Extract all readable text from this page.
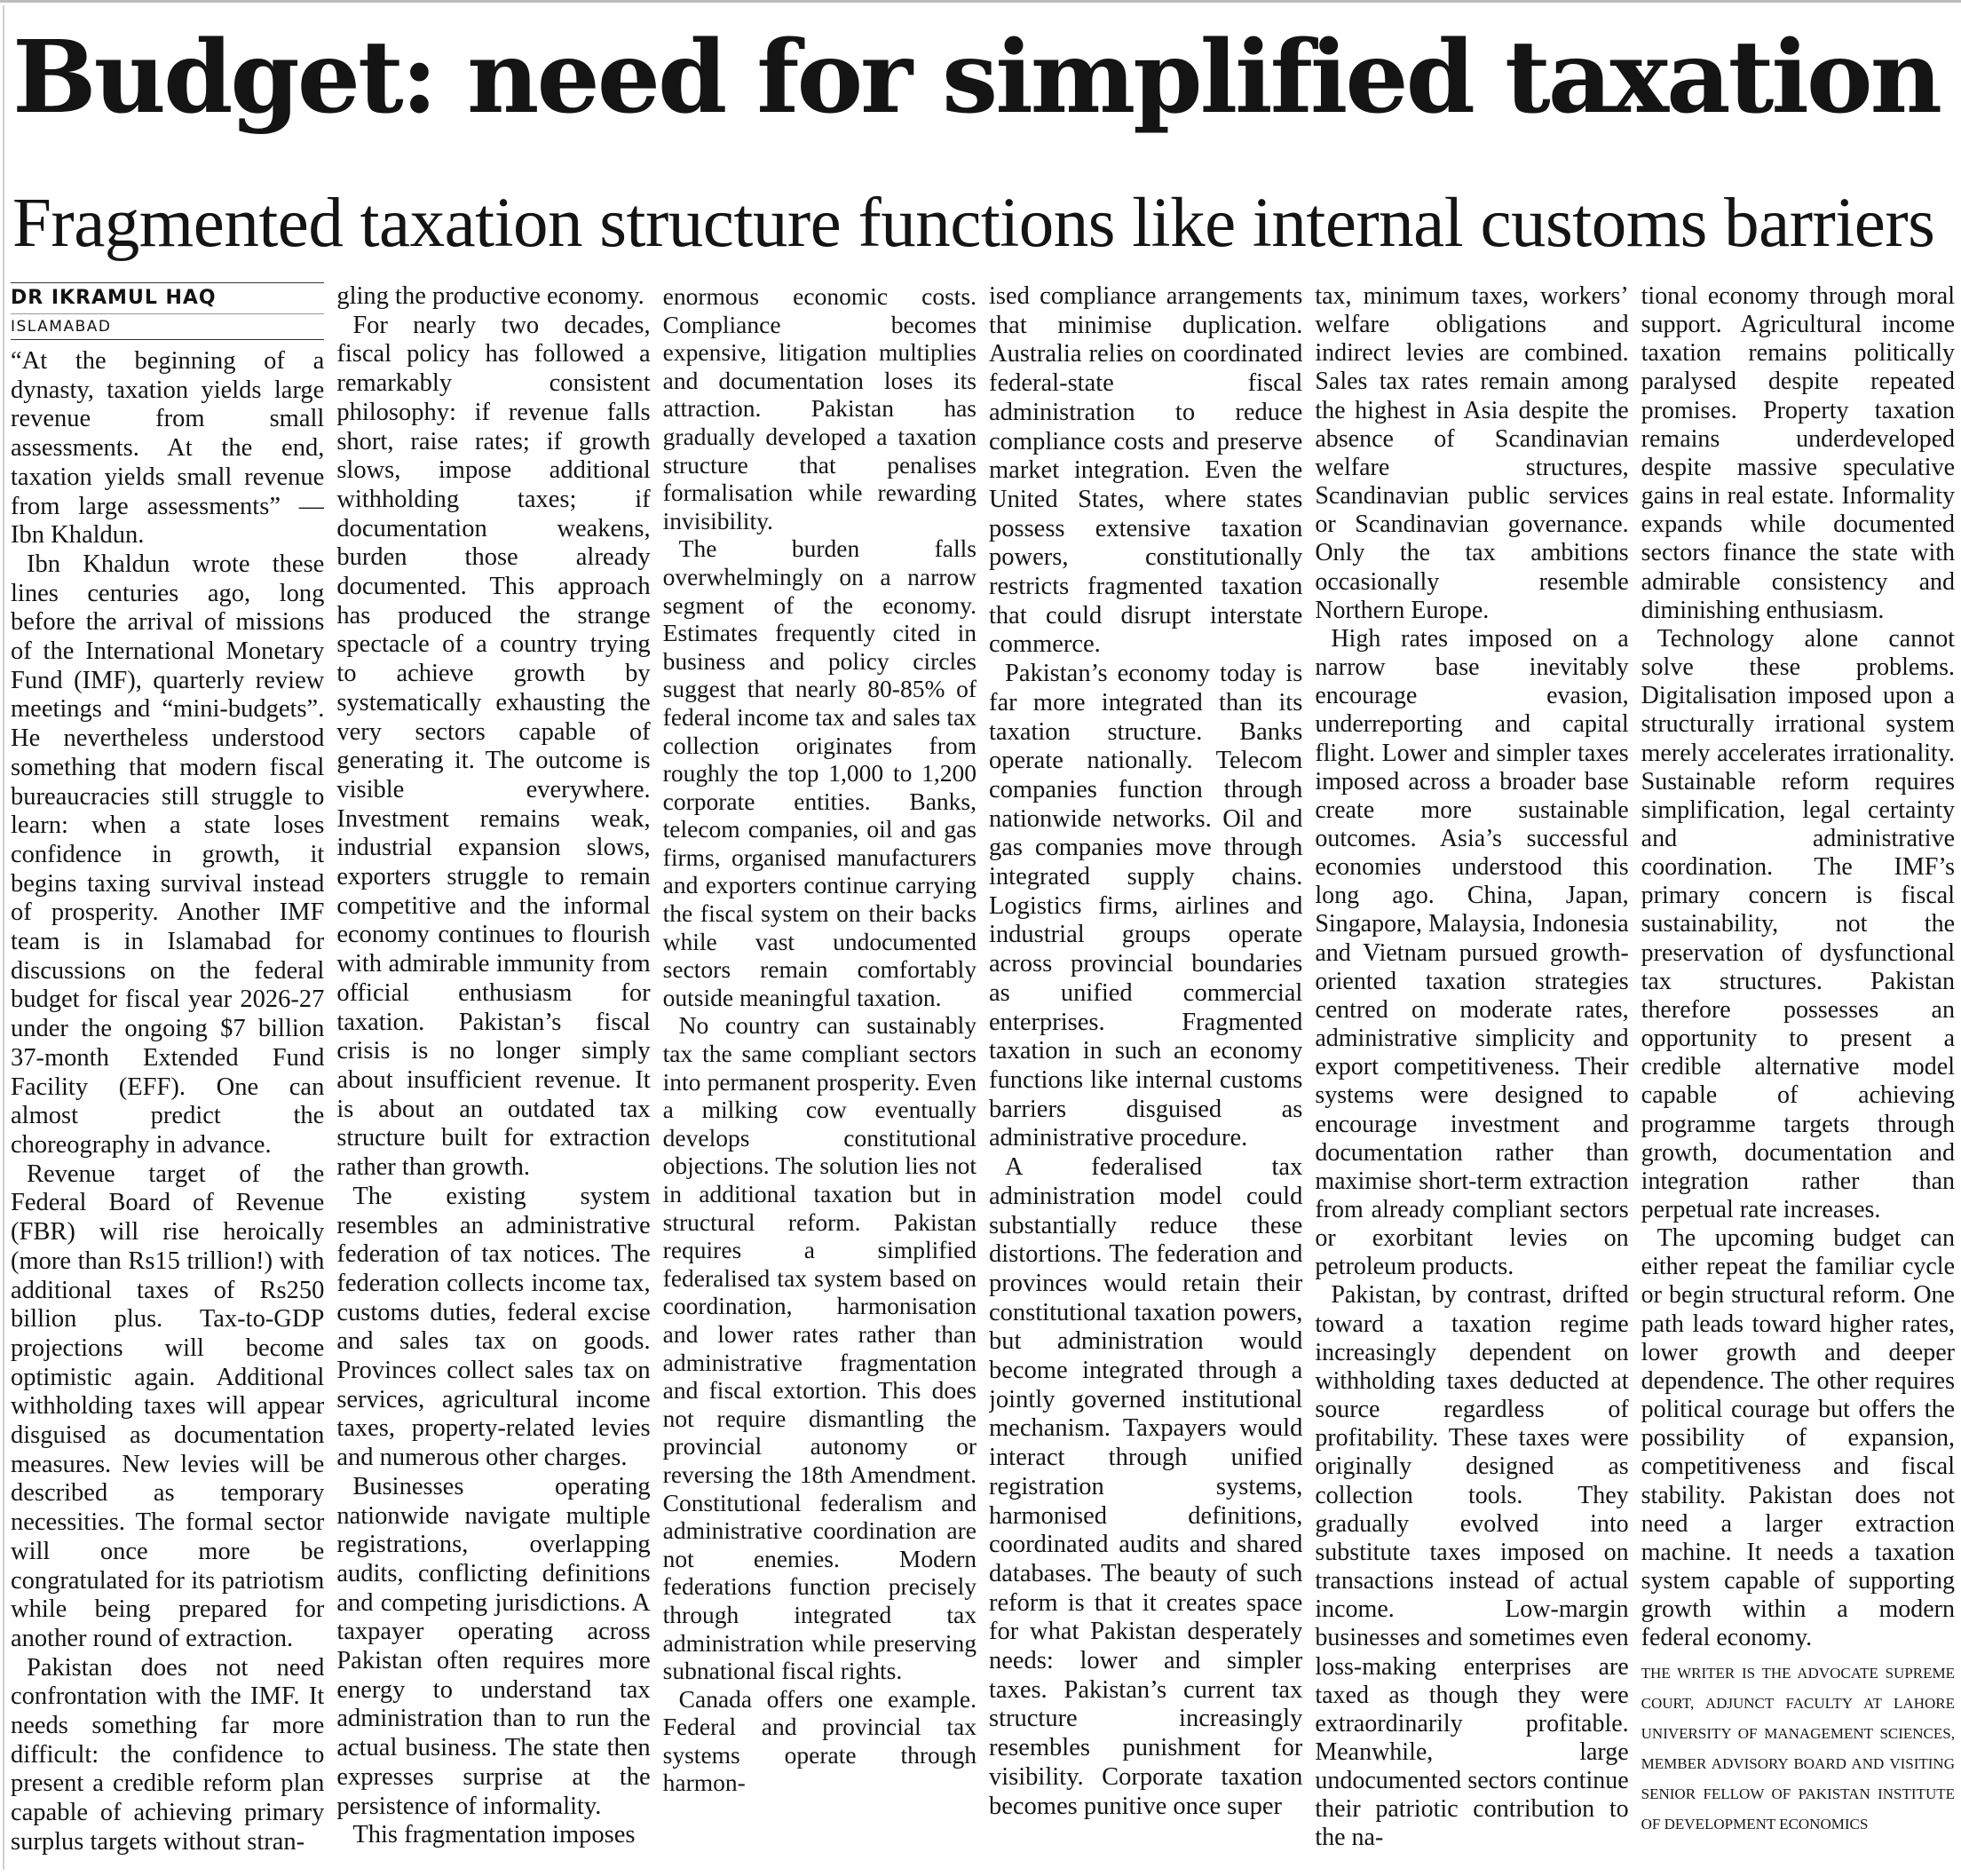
Budget: need for simplified taxation
Fragmented taxation structure functions like internal customs barriers
DR IKRAMUL HAQ
ISLAMABAD

“At the beginning of a dynasty, taxation yields large revenue from small assessments. At the end, taxation yields small revenue from large assessments” — Ibn Khaldun.

Ibn Khaldun wrote these lines centuries ago, long before the arrival of missions of the International Monetary Fund (IMF), quarterly review meetings and “mini-budgets”. He nevertheless understood something that modern fiscal bureaucracies still struggle to learn: when a state loses confidence in growth, it begins taxing survival instead of prosperity. Another IMF team is in Islamabad for discussions on the federal budget for fiscal year 2026-27 under the ongoing $7 billion 37-month Extended Fund Facility (EFF). One can almost predict the choreography in advance.

Revenue target of the Federal Board of Revenue (FBR) will rise heroically (more than Rs15 trillion!) with additional taxes of Rs250 billion plus. Tax-to-GDP projections will become optimistic again. Additional withholding taxes will appear disguised as documentation measures. New levies will be described as temporary necessities. The formal sector will once more be congratulated for its patriotism while being prepared for another round of extraction.

Pakistan does not need confrontation with the IMF. It needs something far more difficult: the confidence to present a credible reform plan capable of achieving primary surplus targets without stran-

gling the productive economy.

For nearly two decades, fiscal policy has followed a remarkably consistent philosophy: if revenue falls short, raise rates; if growth slows, impose additional withholding taxes; if documentation weakens, burden those already documented. This approach has produced the strange spectacle of a country trying to achieve growth by systematically exhausting the very sectors capable of generating it. The outcome is visible everywhere. Investment remains weak, industrial expansion slows, exporters struggle to remain competitive and the informal economy continues to flourish with admirable immunity from official enthusiasm for taxation. Pakistan’s fiscal crisis is no longer simply about insufficient revenue. It is about an outdated tax structure built for extraction rather than growth.

The existing system resembles an administrative federation of tax notices. The federation collects income tax, customs duties, federal excise and sales tax on goods. Provinces collect sales tax on services, agricultural income taxes, property-related levies and numerous other charges.

Businesses operating nationwide navigate multiple registrations, overlapping audits, conflicting definitions and competing jurisdictions. A taxpayer operating across Pakistan often requires more energy to understand tax administration than to run the actual business. The state then expresses surprise at the persistence of informality.

This fragmentation imposes

enormous economic costs. Compliance becomes expensive, litigation multiplies and documentation loses its attraction. Pakistan has gradually developed a taxation structure that penalises formalisation while rewarding invisibility.

The burden falls overwhelmingly on a narrow segment of the economy. Estimates frequently cited in business and policy circles suggest that nearly 80-85% of federal income tax and sales tax collection originates from roughly the top 1,000 to 1,200 corporate entities. Banks, telecom companies, oil and gas firms, organised manufacturers and exporters continue carrying the fiscal system on their backs while vast undocumented sectors remain comfortably outside meaningful taxation.

No country can sustainably tax the same compliant sectors into permanent prosperity. Even a milking cow eventually develops constitutional objections. The solution lies not in additional taxation but in structural reform. Pakistan requires a simplified federalised tax system based on coordination, harmonisation and lower rates rather than administrative fragmentation and fiscal extortion. This does not require dismantling the provincial autonomy or reversing the 18th Amendment. Constitutional federalism and administrative coordination are not enemies. Modern federations function precisely through integrated tax administration while preserving subnational fiscal rights.

Canada offers one example. Federal and provincial tax systems operate through harmon-

ised compliance arrangements that minimise duplication. Australia relies on coordinated federal-state fiscal administration to reduce compliance costs and preserve market integration. Even the United States, where states possess extensive taxation powers, constitutionally restricts fragmented taxation that could disrupt interstate commerce.

Pakistan’s economy today is far more integrated than its taxation structure. Banks operate nationally. Telecom companies function through nationwide networks. Oil and gas companies move through integrated supply chains. Logistics firms, airlines and industrial groups operate across provincial boundaries as unified commercial enterprises. Fragmented taxation in such an economy functions like internal customs barriers disguised as administrative procedure.

A federalised tax administration model could substantially reduce these distortions. The federation and provinces would retain their constitutional taxation powers, but administration would become integrated through a jointly governed institutional mechanism. Taxpayers would interact through unified registration systems, harmonised definitions, coordinated audits and shared databases. The beauty of such reform is that it creates space for what Pakistan desperately needs: lower and simpler taxes. Pakistan’s current tax structure increasingly resembles punishment for visibility. Corporate taxation becomes punitive once super

tax, minimum taxes, workers’ welfare obligations and indirect levies are combined. Sales tax rates remain among the highest in Asia despite the absence of Scandinavian welfare structures, Scandinavian public services or Scandinavian governance. Only the tax ambitions occasionally resemble Northern Europe.

High rates imposed on a narrow base inevitably encourage evasion, underreporting and capital flight. Lower and simpler taxes imposed across a broader base create more sustainable outcomes. Asia’s successful economies understood this long ago. China, Japan, Singapore, Malaysia, Indonesia and Vietnam pursued growth-oriented taxation strategies centred on moderate rates, administrative simplicity and export competitiveness. Their systems were designed to encourage investment and documentation rather than maximise short-term extraction from already compliant sectors or exorbitant levies on petroleum products.

Pakistan, by contrast, drifted toward a taxation regime increasingly dependent on withholding taxes deducted at source regardless of profitability. These taxes were originally designed as collection tools. They gradually evolved into substitute taxes imposed on transactions instead of actual income. Low-margin businesses and sometimes even loss-making enterprises are taxed as though they were extraordinarily profitable. Meanwhile, large undocumented sectors continue their patriotic contribution to the na-

tional economy through moral support. Agricultural income taxation remains politically paralysed despite repeated promises. Property taxation remains underdeveloped despite massive speculative gains in real estate. Informality expands while documented sectors finance the state with admirable consistency and diminishing enthusiasm.

Technology alone cannot solve these problems. Digitalisation imposed upon a structurally irrational system merely accelerates irrationality. Sustainable reform requires simplification, legal certainty and administrative coordination. The IMF’s primary concern is fiscal sustainability, not the preservation of dysfunctional tax structures. Pakistan therefore possesses an opportunity to present a credible alternative model capable of achieving programme targets through growth, documentation and integration rather than perpetual rate increases.

The upcoming budget can either repeat the familiar cycle or begin structural reform. One path leads toward higher rates, lower growth and deeper dependence. The other requires political courage but offers the possibility of expansion, competitiveness and fiscal stability. Pakistan does not need a larger extraction machine. It needs a taxation system capable of supporting growth within a modern federal economy.

THE WRITER IS THE ADVOCATE SUPREME COURT, ADJUNCT FACULTY AT LAHORE UNIVERSITY OF MANAGEMENT SCIENCES, MEMBER ADVISORY BOARD AND VISITING SENIOR FELLOW OF PAKISTAN INSTITUTE OF DEVELOPMENT ECONOMICS
